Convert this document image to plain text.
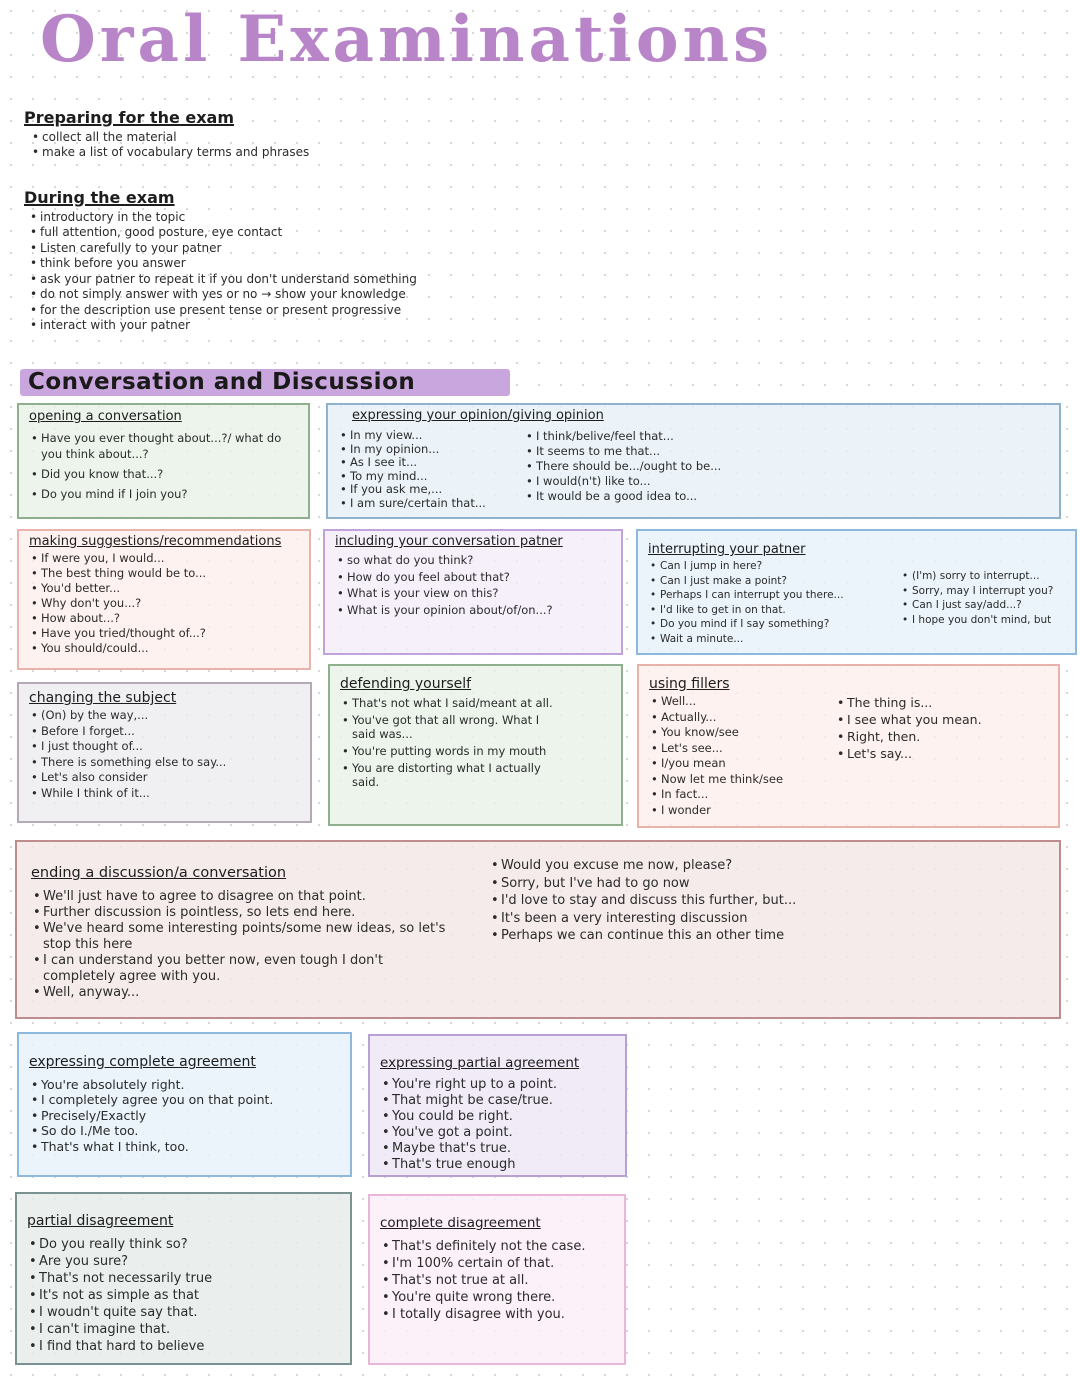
Oral Examinations
Preparing for the exam
• collect all the material
• make a list of vocabulary terms and phrases
During the exam
• introductory in the topic
• full attention, good posture, eye contact
• Listen carefully to your patner
• think before you answer
• ask your patner to repeat it if you don't understand something
• do not simply answer with yes or no → show your knowledge
• for the description use present tense or present progressive
• interact with your patner
Conversation and Discussion
opening a conversation
• Have you ever thought about...?/ what do you think about...?
• Did you know that...?
• Do you mind if I join you?
expressing your opinion/giving opinion
• In my view...
• In my opinion...
• As I see it...
• To my mind...
• If you ask me,...
• I am sure/certain that...
• I think/belive/feel that...
• It seems to me that...
• There should be.../ought to be...
• I would(n't) like to...
• It would be a good idea to...
making suggestions/recommendations
• If were you, I would...
• The best thing would be to...
• You'd better...
• Why don't you...?
• How about...?
• Have you tried/thought of...?
• You should/could...
including your conversation patner
• so what do you think?
• How do you feel about that?
• What is your view on this?
• What is your opinion about/of/on...?
interrupting your patner
• Can I jump in here?
• Can I just make a point?
• Perhaps I can interrupt you there...
• I'd like to get in on that.
• Do you mind if I say something?
• Wait a minute...
• (I'm) sorry to interrupt...
• Sorry, may I interrupt you?
• Can I just say/add...?
• I hope you don't mind, but
changing the subject
• (On) by the way,...
• Before I forget...
• I just thought of...
• There is something else to say...
• Let's also consider
• While I think of it...
defending yourself
• That's not what I said/meant at all.
• You've got that all wrong. What I said was...
• You're putting words in my mouth
• You are distorting what I actually said.
using fillers
• Well...
• Actually...
• You know/see
• Let's see...
• I/you mean
• Now let me think/see
• In fact...
• I wonder
• The thing is...
• I see what you mean.
• Right, then.
• Let's say...
ending a discussion/a conversation
• We'll just have to agree to disagree on that point.
• Further discussion is pointless, so lets end here.
• We've heard some interesting points/some new ideas, so let's stop this here
• I can understand you better now, even tough I don't completely agree with you.
• Well, anyway...
• Would you excuse me now, please?
• Sorry, but I've had to go now
• I'd love to stay and discuss this further, but...
• It's been a very interesting discussion
• Perhaps we can continue this an other time
expressing complete agreement
• You're absolutely right.
• I completely agree you on that point.
• Precisely/Exactly
• So do I./Me too.
• That's what I think, too.
expressing partial agreement
• You're right up to a point.
• That might be case/true.
• You could be right.
• You've got a point.
• Maybe that's true.
• That's true enough
partial disagreement
• Do you really think so?
• Are you sure?
• That's not necessarily true
• It's not as simple as that
• I woudn't quite say that.
• I can't imagine that.
• I find that hard to believe
complete disagreement
• That's definitely not the case.
• I'm 100% certain of that.
• That's not true at all.
• You're quite wrong there.
• I totally disagree with you.
